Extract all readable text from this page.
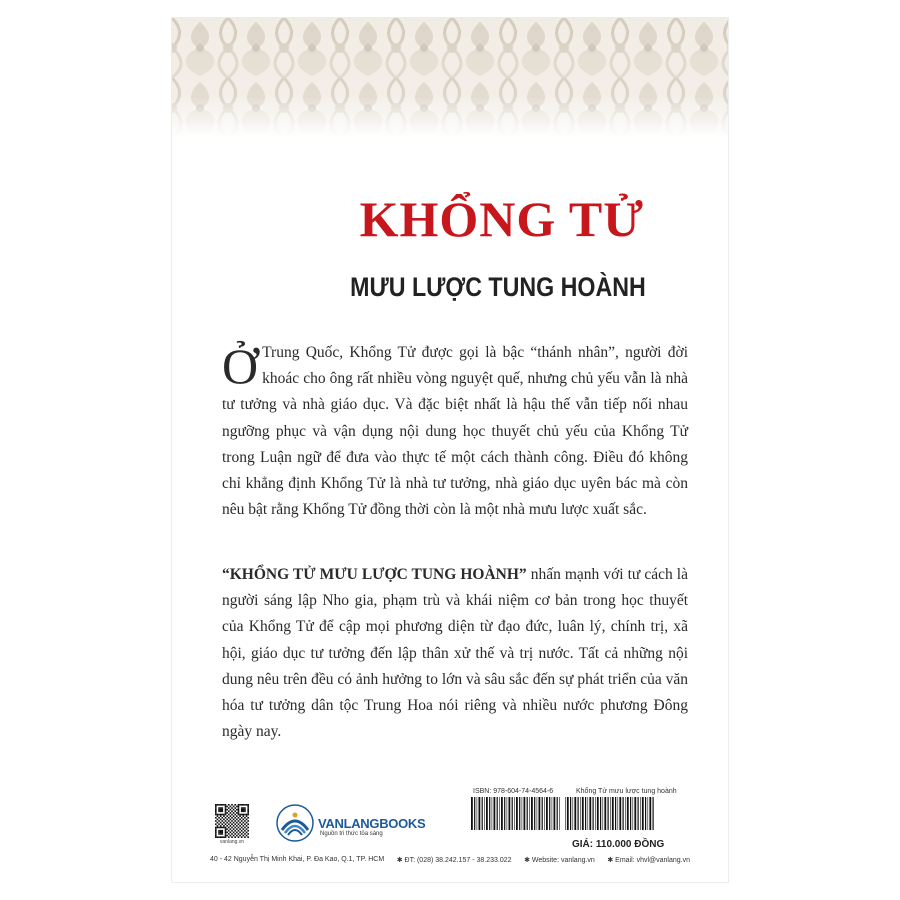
KHỔNG TỬ
MƯU LƯỢC TUNG HOÀNH
Ở Trung Quốc, Khổng Tử được gọi là bậc “thánh nhân”, người đời khoác cho ông rất nhiều vòng nguyệt quế, nhưng chủ yếu vẫn là nhà tư tưởng và nhà giáo dục. Và đặc biệt nhất là hậu thế vẫn tiếp nối nhau ngưỡng phục và vận dụng nội dung học thuyết chủ yếu của Khổng Tử trong Luận ngữ để đưa vào thực tế một cách thành công. Điều đó không chỉ khẳng định Khổng Tử là nhà tư tưởng, nhà giáo dục uyên bác mà còn nêu bật rằng Khổng Tử đồng thời còn là một nhà mưu lược xuất sắc.
“KHỔNG TỬ MƯU LƯỢC TUNG HOÀNH” nhấn mạnh với tư cách là người sáng lập Nho gia, phạm trù và khái niệm cơ bản trong học thuyết của Khổng Tử để cập mọi phương diện từ đạo đức, luân lý, chính trị, xã hội, giáo dục tư tưởng đến lập thân xử thế và trị nước. Tất cả những nội dung nêu trên đều có ảnh hưởng to lớn và sâu sắc đến sự phát triển của văn hóa tư tưởng dân tộc Trung Hoa nói riêng và nhiều nước phương Đông ngày nay.
ISBN: 978-604-74-4564-6	Khổng Tử mưu lược tung hoành
GIÁ: 110.000 ĐỒNG
vanlang.vn
VANLANGBOOKS
Nguồn tri thức tỏa sáng
40 - 42 Nguyễn Thị Minh Khai, P. Đa Kao, Q.1, TP. HCM ✱ ĐT: (028) 38.242.157 - 38.233.022 ✱ Website: vanlang.vn ✱ Email: vhvl@vanlang.vn
